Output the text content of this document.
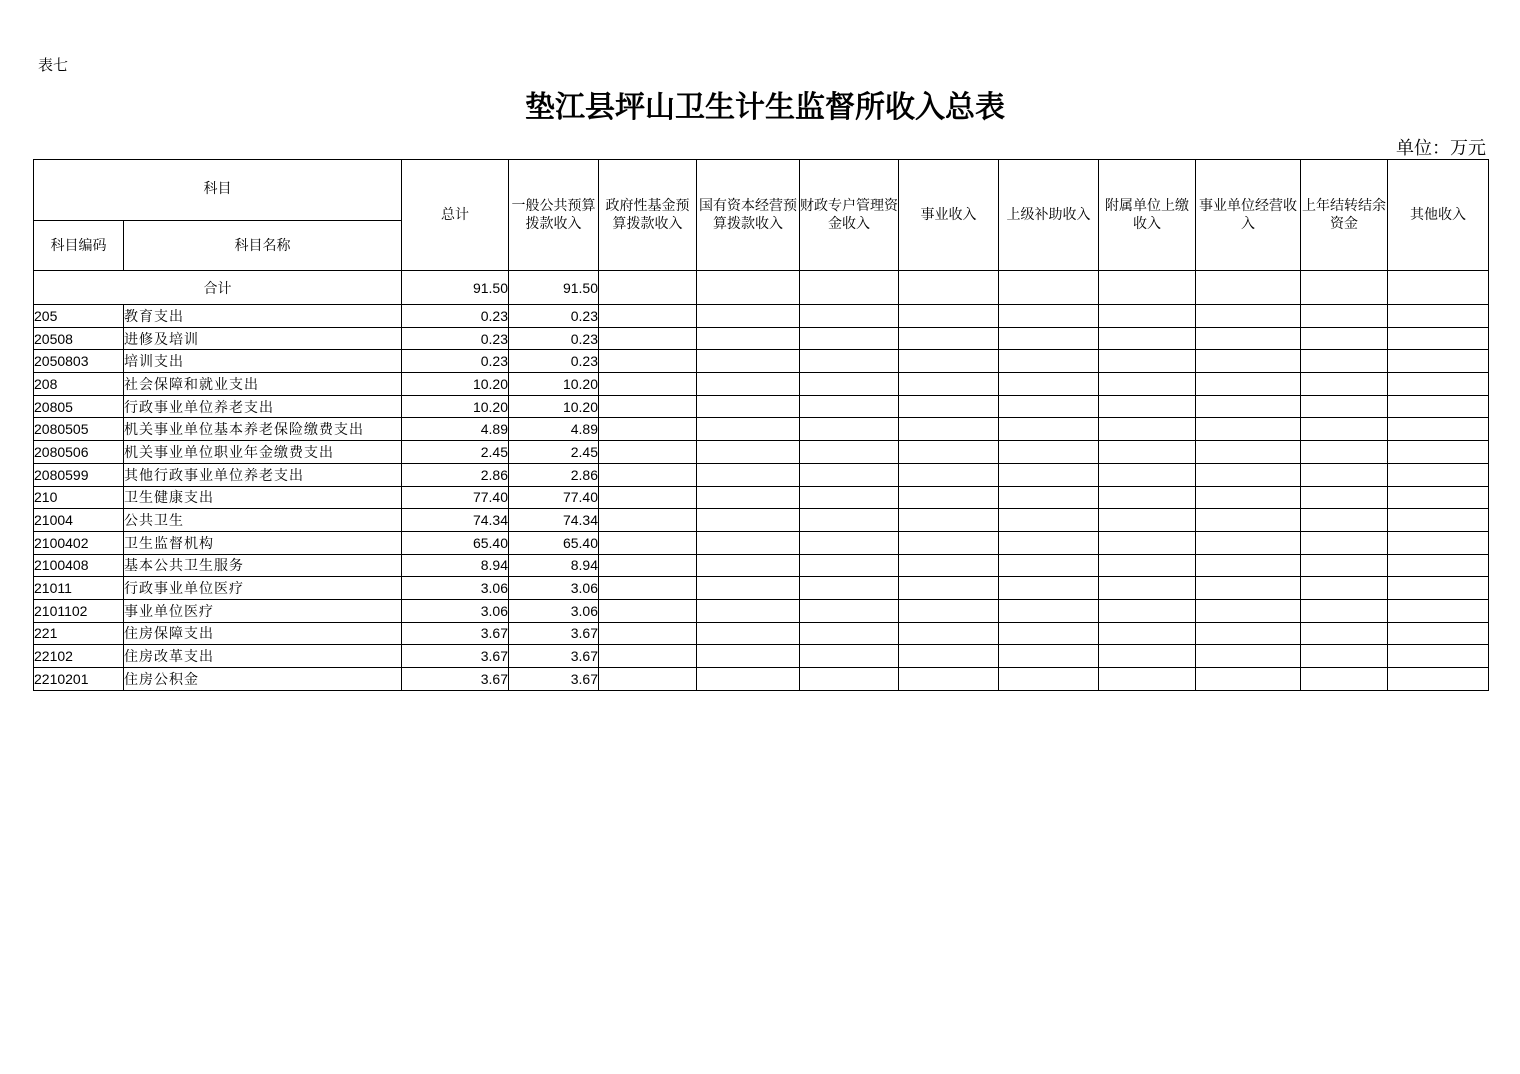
表七
垫江县坪山卫生计生监督所收入总表
单位：万元
科目		总计	一般公共预算拨款收入	政府性基金预算拨款收入	国有资本经营预算拨款收入	财政专户管理资金收入	事业收入	上级补助收入	附属单位上缴收入	事业单位经营收入	上年结转结余资金	其他收入
科目编码	科目名称											
合计		91.50	91.50									
205	教育支出	0.23	0.23									
20508	进修及培训	0.23	0.23									
2050803	培训支出	0.23	0.23									
208	社会保障和就业支出	10.20	10.20									
20805	行政事业单位养老支出	10.20	10.20									
2080505	机关事业单位基本养老保险缴费支出	4.89	4.89									
2080506	机关事业单位职业年金缴费支出	2.45	2.45									
2080599	其他行政事业单位养老支出	2.86	2.86									
210	卫生健康支出	77.40	77.40									
21004	公共卫生	74.34	74.34									
2100402	卫生监督机构	65.40	65.40									
2100408	基本公共卫生服务	8.94	8.94									
21011	行政事业单位医疗	3.06	3.06									
2101102	事业单位医疗	3.06	3.06									
221	住房保障支出	3.67	3.67									
22102	住房改革支出	3.67	3.67									
2210201	住房公积金	3.67	3.67									
